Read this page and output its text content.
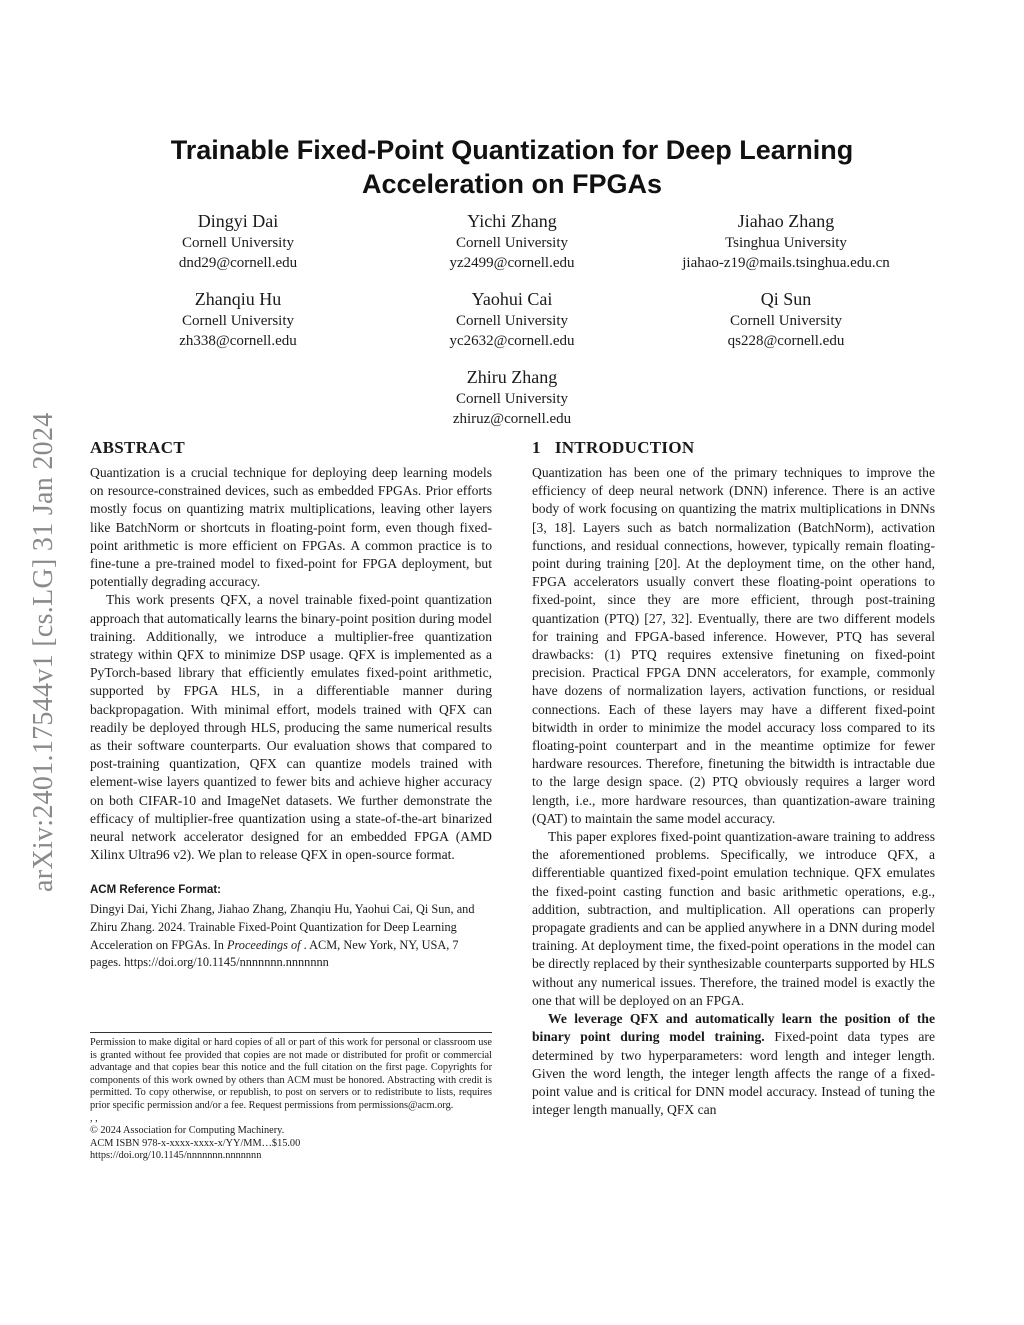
arXiv:2401.17544v1 [cs.LG] 31 Jan 2024
Trainable Fixed-Point Quantization for Deep Learning Acceleration on FPGAs
Dingyi Dai
Cornell University
dnd29@cornell.edu
Yichi Zhang
Cornell University
yz2499@cornell.edu
Jiahao Zhang
Tsinghua University
jiahao-z19@mails.tsinghua.edu.cn
Zhanqiu Hu
Cornell University
zh338@cornell.edu
Yaohui Cai
Cornell University
yc2632@cornell.edu
Qi Sun
Cornell University
qs228@cornell.edu
Zhiru Zhang
Cornell University
zhiruz@cornell.edu
ABSTRACT

Quantization is a crucial technique for deploying deep learning models on resource-constrained devices, such as embedded FPGAs. Prior efforts mostly focus on quantizing matrix multiplications, leaving other layers like BatchNorm or shortcuts in floating-point form, even though fixed-point arithmetic is more efficient on FPGAs. A common practice is to fine-tune a pre-trained model to fixed-point for FPGA deployment, but potentially degrading accuracy.

This work presents QFX, a novel trainable fixed-point quantization approach that automatically learns the binary-point position during model training. Additionally, we introduce a multiplier-free quantization strategy within QFX to minimize DSP usage. QFX is implemented as a PyTorch-based library that efficiently emulates fixed-point arithmetic, supported by FPGA HLS, in a differentiable manner during backpropagation. With minimal effort, models trained with QFX can readily be deployed through HLS, producing the same numerical results as their software counterparts. Our evaluation shows that compared to post-training quantization, QFX can quantize models trained with element-wise layers quantized to fewer bits and achieve higher accuracy on both CIFAR-10 and ImageNet datasets. We further demonstrate the efficacy of multiplier-free quantization using a state-of-the-art binarized neural network accelerator designed for an embedded FPGA (AMD Xilinx Ultra96 v2). We plan to release QFX in open-source format.

ACM Reference Format:

Dingyi Dai, Yichi Zhang, Jiahao Zhang, Zhanqiu Hu, Yaohui Cai, Qi Sun, and Zhiru Zhang. 2024. Trainable Fixed-Point Quantization for Deep Learning Acceleration on FPGAs. In Proceedings of . ACM, New York, NY, USA, 7 pages. https://doi.org/10.1145/nnnnnnn.nnnnnnn

Permission to make digital or hard copies of all or part of this work for personal or classroom use is granted without fee provided that copies are not made or distributed for profit or commercial advantage and that copies bear this notice and the full citation on the first page. Copyrights for components of this work owned by others than ACM must be honored. Abstracting with credit is permitted. To copy otherwise, or republish, to post on servers or to redistribute to lists, requires prior specific permission and/or a fee. Request permissions from permissions@acm.org.
, ,
© 2024 Association for Computing Machinery.
ACM ISBN 978-x-xxxx-xxxx-x/YY/MM…$15.00
https://doi.org/10.1145/nnnnnnn.nnnnnnn
1 INTRODUCTION

Quantization has been one of the primary techniques to improve the efficiency of deep neural network (DNN) inference. There is an active body of work focusing on quantizing the matrix multiplications in DNNs [3, 18]. Layers such as batch normalization (BatchNorm), activation functions, and residual connections, however, typically remain floating-point during training [20]. At the deployment time, on the other hand, FPGA accelerators usually convert these floating-point operations to fixed-point, since they are more efficient, through post-training quantization (PTQ) [27, 32]. Eventually, there are two different models for training and FPGA-based inference. However, PTQ has several drawbacks: (1) PTQ requires extensive finetuning on fixed-point precision. Practical FPGA DNN accelerators, for example, commonly have dozens of normalization layers, activation functions, or residual connections. Each of these layers may have a different fixed-point bitwidth in order to minimize the model accuracy loss compared to its floating-point counterpart and in the meantime optimize for fewer hardware resources. Therefore, finetuning the bitwidth is intractable due to the large design space. (2) PTQ obviously requires a larger word length, i.e., more hardware resources, than quantization-aware training (QAT) to maintain the same model accuracy.

This paper explores fixed-point quantization-aware training to address the aforementioned problems. Specifically, we introduce QFX, a differentiable quantized fixed-point emulation technique. QFX emulates the fixed-point casting function and basic arithmetic operations, e.g., addition, subtraction, and multiplication. All operations can properly propagate gradients and can be applied anywhere in a DNN during model training. At deployment time, the fixed-point operations in the model can be directly replaced by their synthesizable counterparts supported by HLS without any numerical issues. Therefore, the trained model is exactly the one that will be deployed on an FPGA.

We leverage QFX and automatically learn the position of the binary point during model training. Fixed-point data types are determined by two hyperparameters: word length and integer length. Given the word length, the integer length affects the range of a fixed-point value and is critical for DNN model accuracy. Instead of tuning the integer length manually, QFX can
